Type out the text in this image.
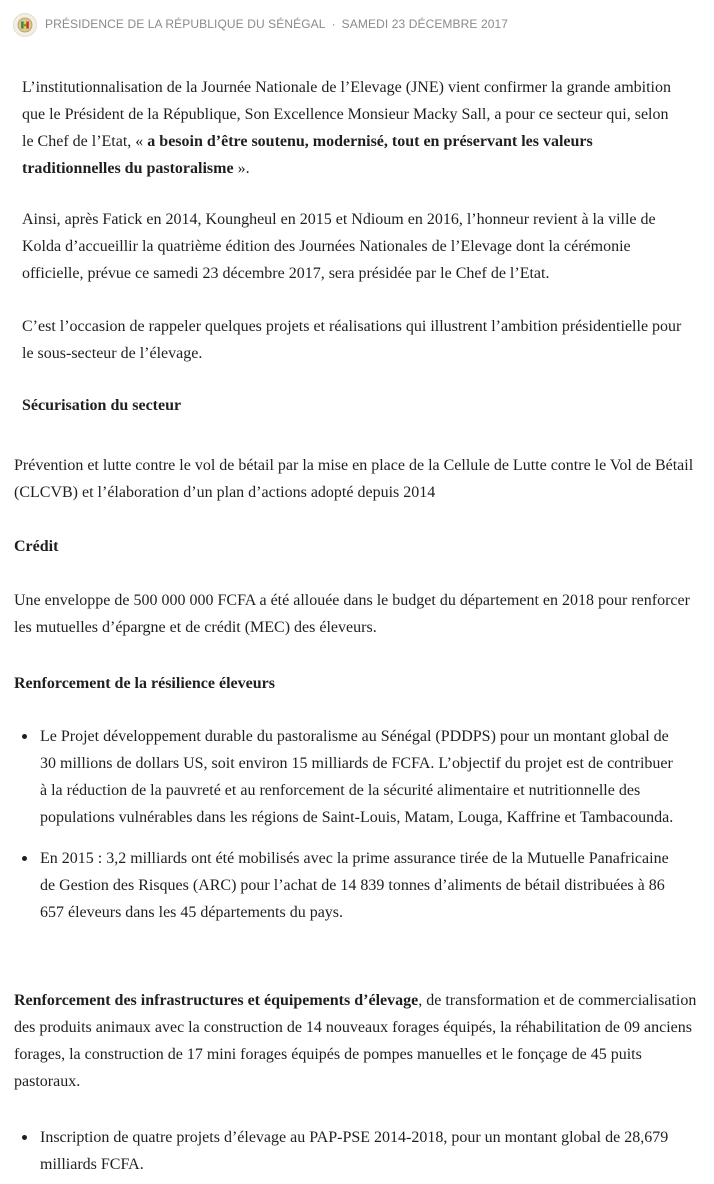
PRÉSIDENCE DE LA RÉPUBLIQUE DU SÉNÉGAL · SAMEDI 23 DÉCEMBRE 2017

L’institutionnalisation de la Journée Nationale de l’Elevage (JNE) vient confirmer la grande ambition que le Président de la République, Son Excellence Monsieur Macky Sall, a pour ce secteur qui, selon le Chef de l’Etat, « a besoin d’être soutenu, modernisé, tout en préservant les valeurs traditionnelles du pastoralisme ».

Ainsi, après Fatick en 2014, Koungheul en 2015 et Ndioum en 2016, l’honneur revient à la ville de Kolda d’accueillir la quatrième édition des Journées Nationales de l’Elevage dont la cérémonie officielle, prévue ce samedi 23 décembre 2017, sera présidée par le Chef de l’Etat.

C’est l’occasion de rappeler quelques projets et réalisations qui illustrent l’ambition présidentielle pour le sous-secteur de l’élevage.

Sécurisation du secteur

Prévention et lutte contre le vol de bétail par la mise en place de la Cellule de Lutte contre le Vol de Bétail (CLCVB) et l’élaboration d’un plan d’actions adopté depuis 2014

Crédit

Une enveloppe de 500 000 000 FCFA a été allouée dans le budget du département en 2018 pour renforcer les mutuelles d’épargne et de crédit (MEC) des éleveurs.

Renforcement de la résilience éleveurs

Le Projet développement durable du pastoralisme au Sénégal (PDDPS) pour un montant global de 30 millions de dollars US, soit environ 15 milliards de FCFA. L’objectif du projet est de contribuer à la réduction de la pauvreté et au renforcement de la sécurité alimentaire et nutritionnelle des populations vulnérables dans les régions de Saint-Louis, Matam, Louga, Kaffrine et Tambacounda.
En 2015 : 3,2 milliards ont été mobilisés avec la prime assurance tirée de la Mutuelle Panafricaine de Gestion des Risques (ARC) pour l’achat de 14 839 tonnes d’aliments de bétail distribuées à 86 657 éleveurs dans les 45 départements du pays.

Renforcement des infrastructures et équipements d’élevage, de transformation et de commercialisation des produits animaux avec la construction de 14 nouveaux forages équipés, la réhabilitation de 09 anciens forages, la construction de 17 mini forages équipés de pompes manuelles et le fonçage de 45 puits pastoraux.

Inscription de quatre projets d’élevage au PAP-PSE 2014-2018, pour un montant global de 28,679 milliards FCFA.
